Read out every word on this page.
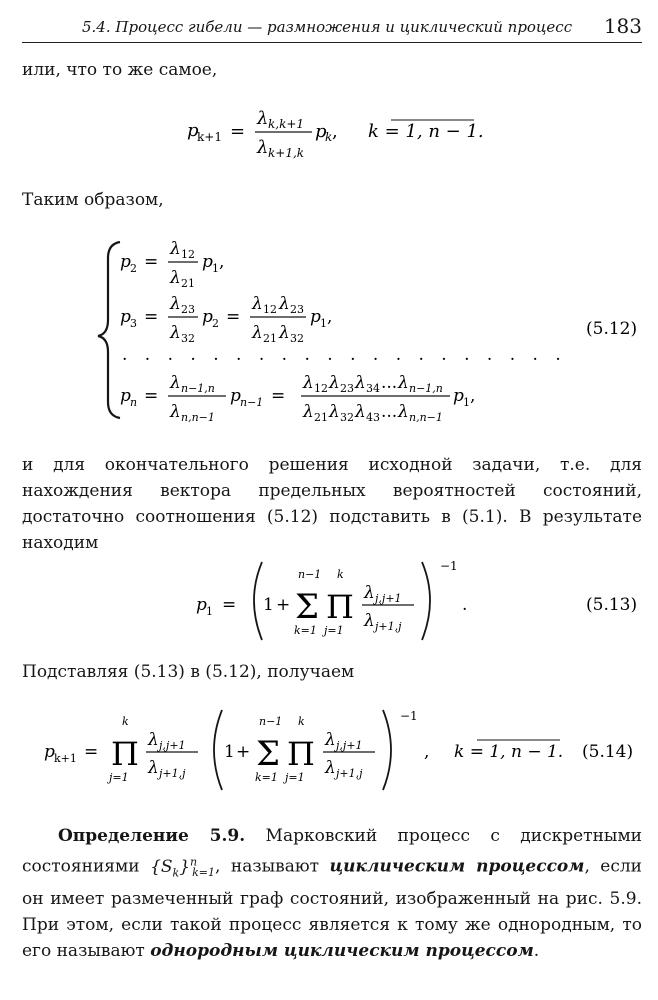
5.4. Процесс гибели — размножения и циклический процесс 183
или, что то же самое,
p
k+1 =
λ k,k+1
λ k+1,k
p
k , k = 1, n − 1.
Таким образом,
p 2 =
λ 12
λ 21
p 1 ,
p 3 =
λ 23
λ 32
p 2 =
λ 12 λ 23
λ 21 λ 32
p 1 ,
. . . . . . . . . . . . . . . . . . . .
p n =
λ n−1,n
λ n,n−1
p n−1 =
λ 12 λ 23 λ 34 ... λ n−1,n
λ 21 λ 32 λ 43 ... λ n,n−1
p 1 ,
(5.12)
и для окончательного решения исходной задачи, т.е. для нахождения вектора предельных вероятностей состояний, достаточно соотношения (5.12) подставить в (5.1). В результате находим
p 1 = 1 +
n−1
Σ
k=1
k
Π
j=1
λ j,j+1
λ j+1,j
−1
.	(5.13)
Подставляя (5.13) в (5.12), получаем
p k+1 =
k
Π
j=1
λ j,j+1
λ j+1,j
1 +
n−1
Σ
k=1
k
Π
j=1
λ j,j+1
λ j+1,j
−1
, k = 1, n − 1. (5.14)
Определение 5.9. Марковский процесс с дискретными состояниями $\{S_k\}^n_{k=1}$, называют циклическим процессом, если он имеет размеченный граф состояний, изображенный на рис. 5.9. При этом, если такой процесс является к тому же однородным, то его называют однородным циклическим процессом.
